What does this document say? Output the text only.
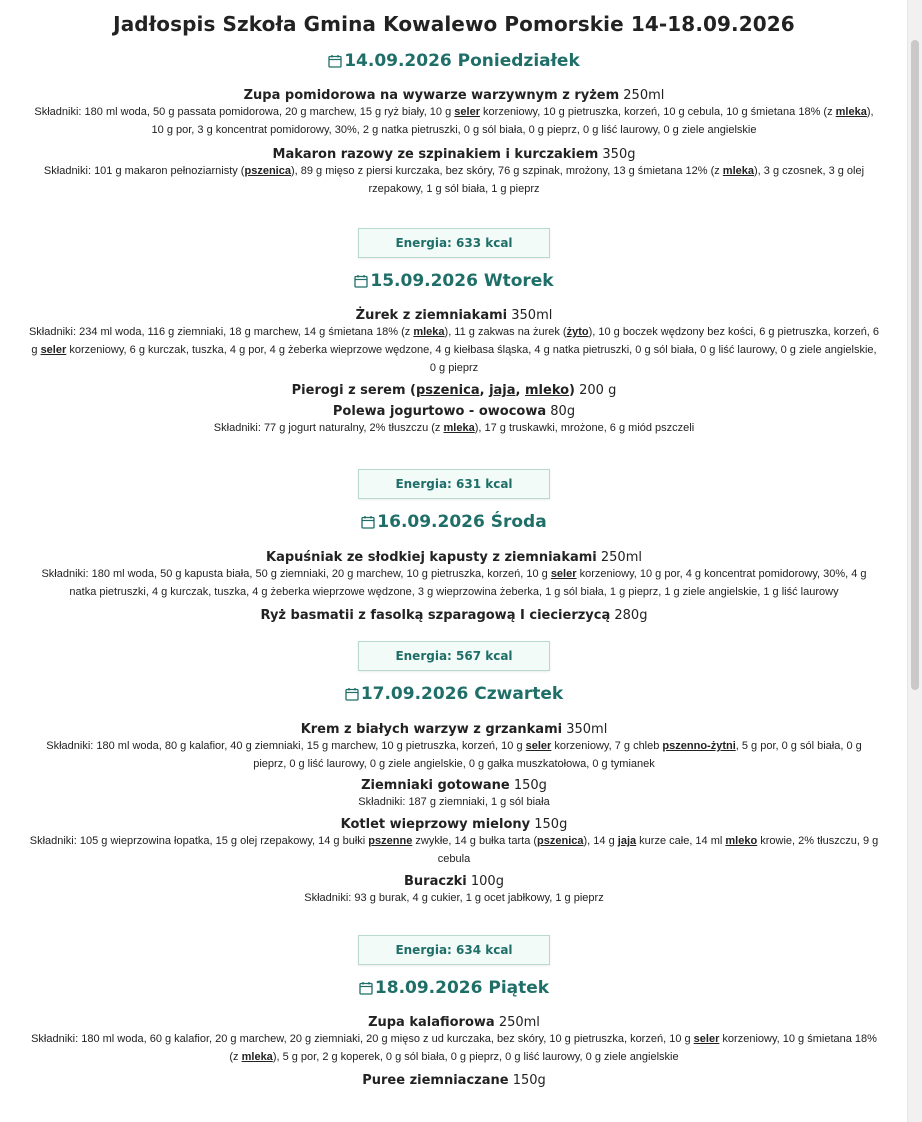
Jadłospis Szkoła Gmina Kowalewo Pomorskie 14-18.09.2026
14.09.2026 Poniedziałek
Zupa pomidorowa na wywarze warzywnym z ryżem 250ml
Składniki: 180 ml woda, 50 g passata pomidorowa, 20 g marchew, 15 g ryż biały, 10 g seler korzeniowy, 10 g pietruszka, korzeń, 10 g cebula, 10 g śmietana 18% (z mleka),
10 g por, 3 g koncentrat pomidorowy, 30%, 2 g natka pietruszki, 0 g sól biała, 0 g pieprz, 0 g liść laurowy, 0 g ziele angielskie
Makaron razowy ze szpinakiem i kurczakiem 350g
Składniki: 101 g makaron pełnoziarnisty (pszenica), 89 g mięso z piersi kurczaka, bez skóry, 76 g szpinak, mrożony, 13 g śmietana 12% (z mleka), 3 g czosnek, 3 g olej
rzepakowy, 1 g sól biała, 1 g pieprz
Energia: 633 kcal
15.09.2026 Wtorek
Żurek z ziemniakami 350ml
Składniki: 234 ml woda, 116 g ziemniaki, 18 g marchew, 14 g śmietana 18% (z mleka), 11 g zakwas na żurek (żyto), 10 g boczek wędzony bez kości, 6 g pietruszka, korzeń, 6
g seler korzeniowy, 6 g kurczak, tuszka, 4 g por, 4 g żeberka wieprzowe wędzone, 4 g kiełbasa śląska, 4 g natka pietruszki, 0 g sól biała, 0 g liść laurowy, 0 g ziele angielskie,
0 g pieprz
Pierogi z serem (pszenica, jaja, mleko) 200 g
Polewa jogurtowo - owocowa 80g
Składniki: 77 g jogurt naturalny, 2% tłuszczu (z mleka), 17 g truskawki, mrożone, 6 g miód pszczeli
Energia: 631 kcal
16.09.2026 Środa
Kapuśniak ze słodkiej kapusty z ziemniakami 250ml
Składniki: 180 ml woda, 50 g kapusta biała, 50 g ziemniaki, 20 g marchew, 10 g pietruszka, korzeń, 10 g seler korzeniowy, 10 g por, 4 g koncentrat pomidorowy, 30%, 4 g
natka pietruszki, 4 g kurczak, tuszka, 4 g żeberka wieprzowe wędzone, 3 g wieprzowina żeberka, 1 g sól biała, 1 g pieprz, 1 g ziele angielskie, 1 g liść laurowy
Ryż basmatii z fasolką szparagową I ciecierzycą 280g
Energia: 567 kcal
17.09.2026 Czwartek
Krem z białych warzyw z grzankami 350ml
Składniki: 180 ml woda, 80 g kalafior, 40 g ziemniaki, 15 g marchew, 10 g pietruszka, korzeń, 10 g seler korzeniowy, 7 g chleb pszenno-żytni, 5 g por, 0 g sól biała, 0 g
pieprz, 0 g liść laurowy, 0 g ziele angielskie, 0 g gałka muszkatołowa, 0 g tymianek
Ziemniaki gotowane 150g
Składniki: 187 g ziemniaki, 1 g sól biała
Kotlet wieprzowy mielony 150g
Składniki: 105 g wieprzowina łopatka, 15 g olej rzepakowy, 14 g bułki pszenne zwykłe, 14 g bułka tarta (pszenica), 14 g jaja kurze całe, 14 ml mleko krowie, 2% tłuszczu, 9 g
cebula
Buraczki 100g
Składniki: 93 g burak, 4 g cukier, 1 g ocet jabłkowy, 1 g pieprz
Energia: 634 kcal
18.09.2026 Piątek
Zupa kalafiorowa 250ml
Składniki: 180 ml woda, 60 g kalafior, 20 g marchew, 20 g ziemniaki, 20 g mięso z ud kurczaka, bez skóry, 10 g pietruszka, korzeń, 10 g seler korzeniowy, 10 g śmietana 18%
(z mleka), 5 g por, 2 g koperek, 0 g sól biała, 0 g pieprz, 0 g liść laurowy, 0 g ziele angielskie
Puree ziemniaczane 150g
